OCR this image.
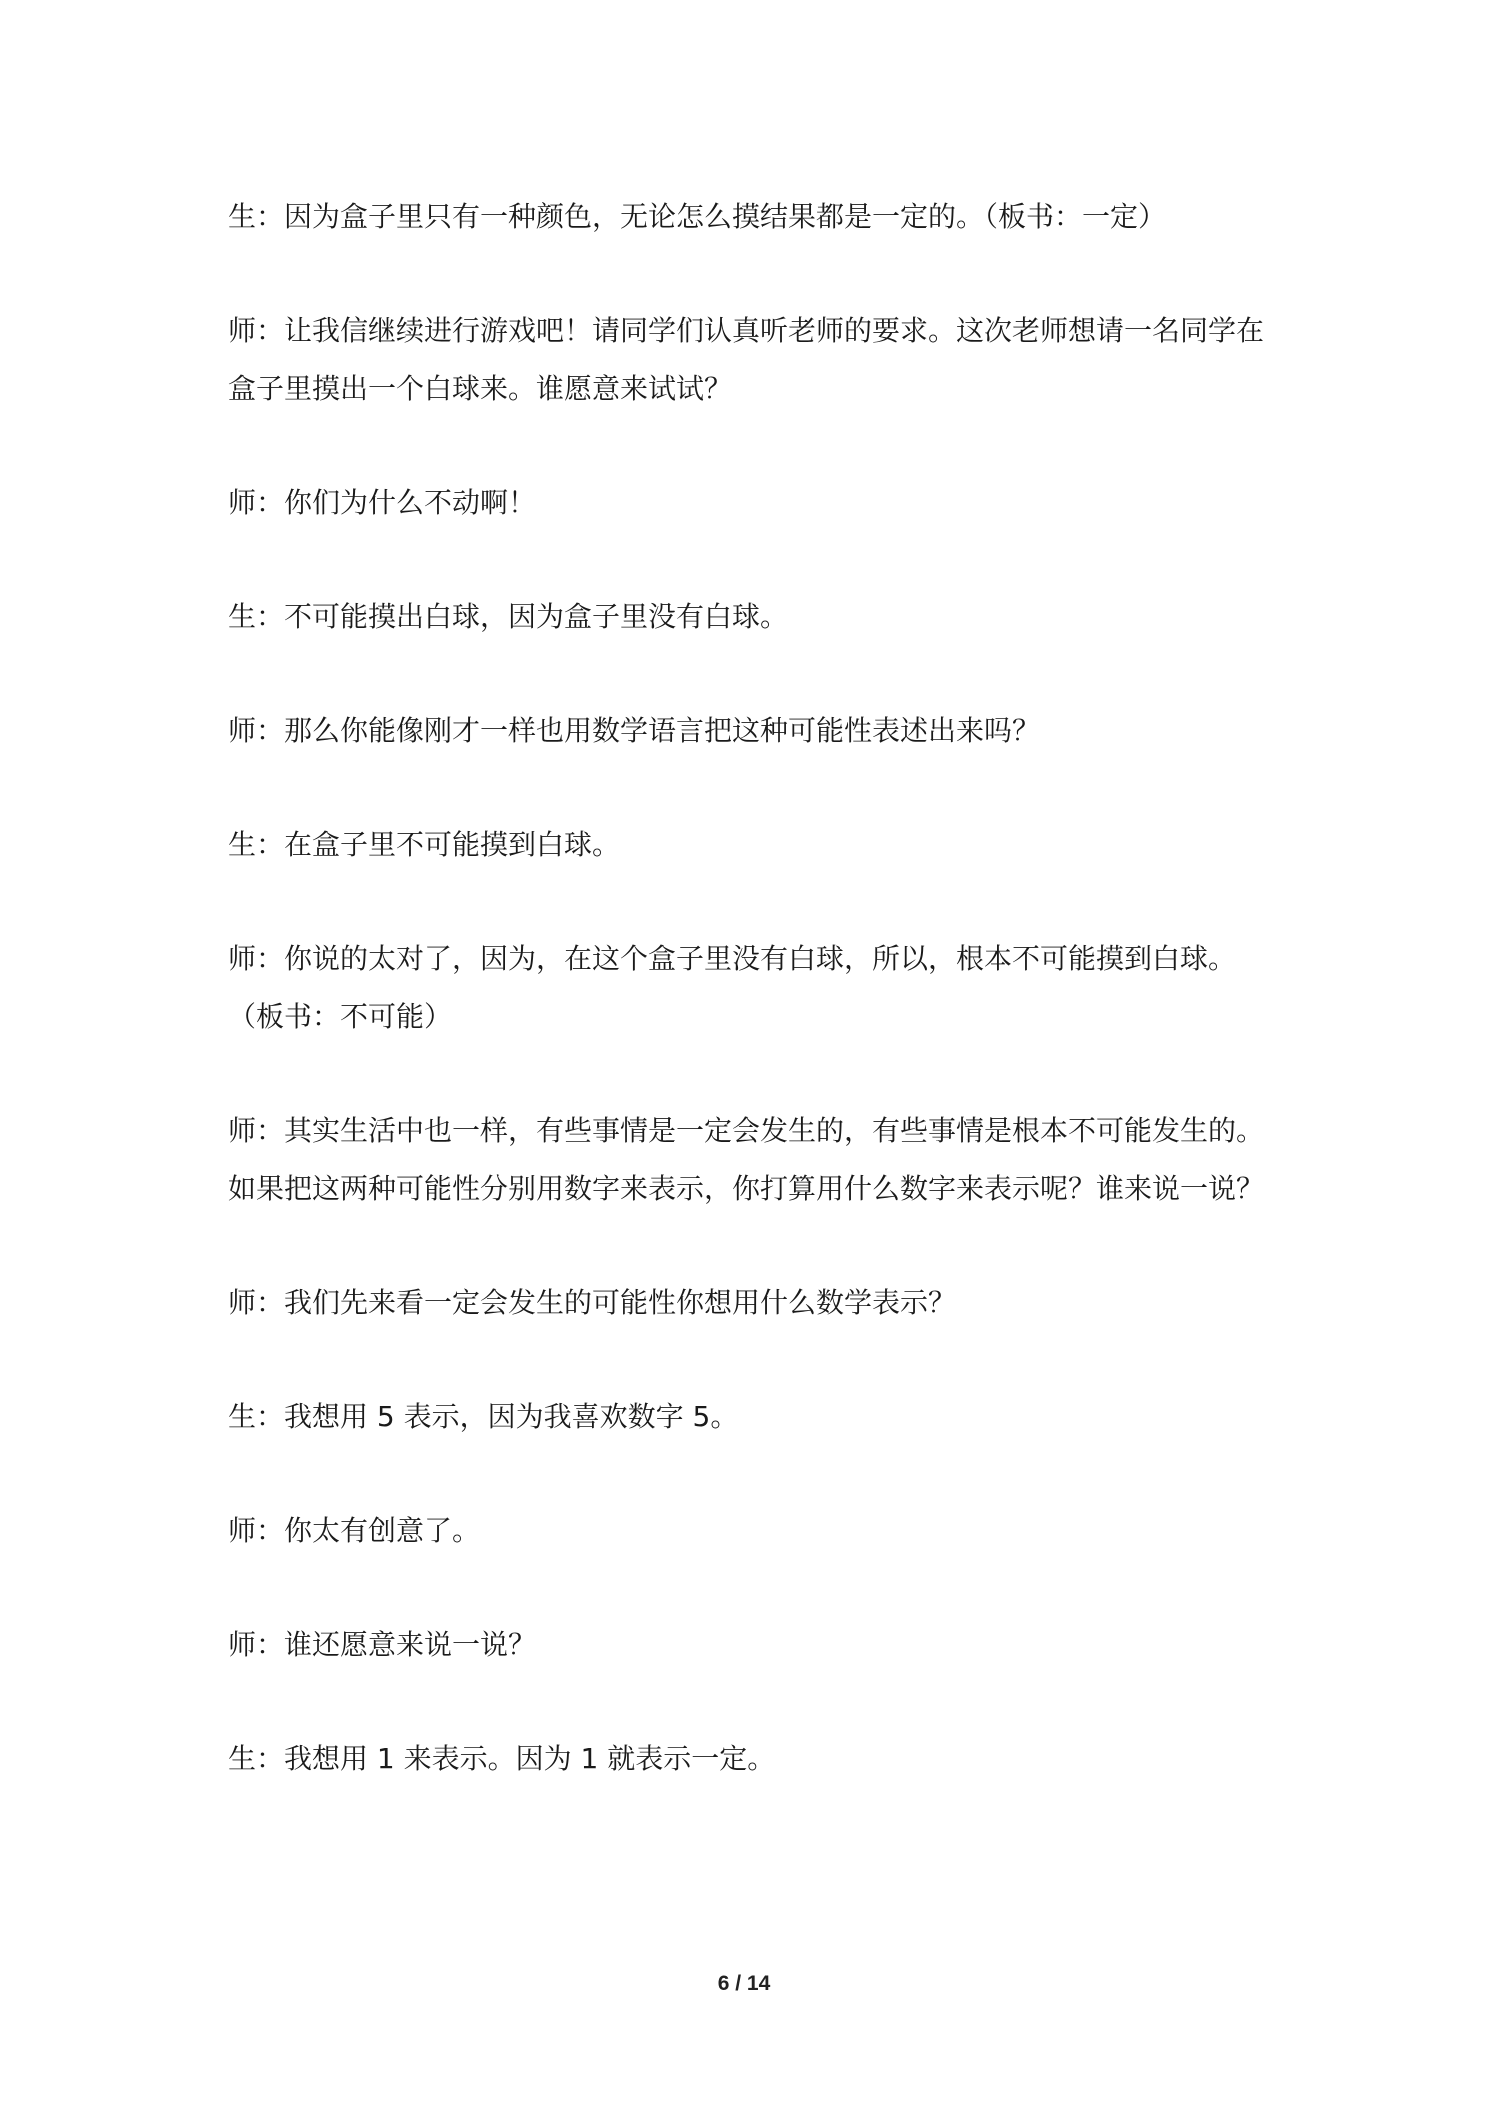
生：因为盒子里只有一种颜色，无论怎么摸结果都是一定的。（板书：一定）

师：让我信继续进行游戏吧！请同学们认真听老师的要求。这次老师想请一名同学在盒子里摸出一个白球来。谁愿意来试试？

师：你们为什么不动啊！

生：不可能摸出白球，因为盒子里没有白球。

师：那么你能像刚才一样也用数学语言把这种可能性表述出来吗？

生：在盒子里不可能摸到白球。

师：你说的太对了，因为，在这个盒子里没有白球，所以，根本不可能摸到白球。（板书：不可能）

师：其实生活中也一样，有些事情是一定会发生的，有些事情是根本不可能发生的。如果把这两种可能性分别用数字来表示，你打算用什么数字来表示呢？谁来说一说？

师：我们先来看一定会发生的可能性你想用什么数学表示？

生：我想用 5 表示，因为我喜欢数字 5。

师：你太有创意了。

师：谁还愿意来说一说？

生：我想用 1 来表示。因为 1 就表示一定。

6 / 14
